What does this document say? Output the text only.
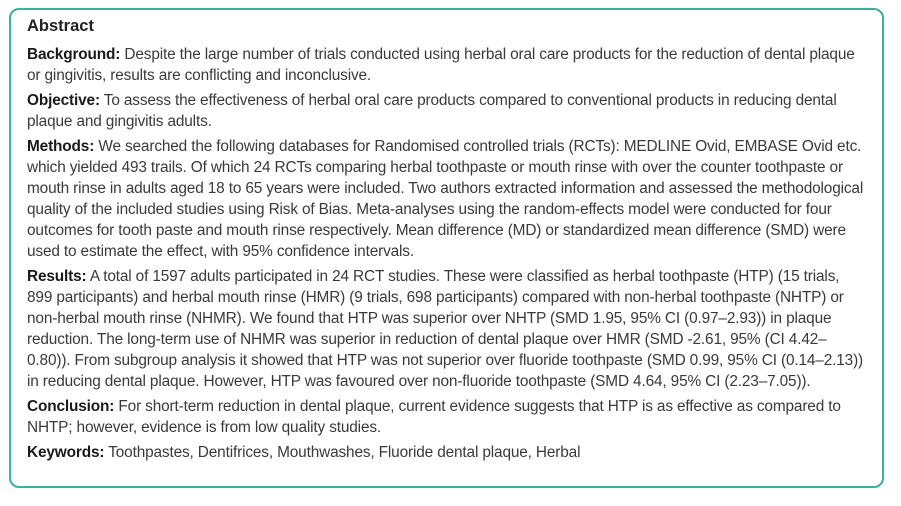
Abstract

Background: Despite the large number of trials conducted using herbal oral care products for the reduction of dental plaque or gingivitis, results are conflicting and inconclusive.

Objective: To assess the effectiveness of herbal oral care products compared to conventional products in reducing dental plaque and gingivitis adults.

Methods: We searched the following databases for Randomised controlled trials (RCTs): MEDLINE Ovid, EMBASE Ovid etc. which yielded 493 trails. Of which 24 RCTs comparing herbal toothpaste or mouth rinse with over the counter toothpaste or mouth rinse in adults aged 18 to 65 years were included. Two authors extracted information and assessed the methodological quality of the included studies using Risk of Bias. Meta-analyses using the random-effects model were conducted for four outcomes for tooth paste and mouth rinse respectively. Mean difference (MD) or standardized mean difference (SMD) were used to estimate the effect, with 95% confidence intervals.

Results: A total of 1597 adults participated in 24 RCT studies. These were classified as herbal toothpaste (HTP) (15 trials, 899 participants) and herbal mouth rinse (HMR) (9 trials, 698 participants) compared with non-herbal toothpaste (NHTP) or non-herbal mouth rinse (NHMR). We found that HTP was superior over NHTP (SMD 1.95, 95% CI (0.97–2.93)) in plaque reduction. The long-term use of NHMR was superior in reduction of dental plaque over HMR (SMD -2.61, 95% (CI 4.42–0.80)). From subgroup analysis it showed that HTP was not superior over fluoride toothpaste (SMD 0.99, 95% CI (0.14–2.13)) in reducing dental plaque. However, HTP was favoured over non-fluoride toothpaste (SMD 4.64, 95% CI (2.23–7.05)).

Conclusion: For short-term reduction in dental plaque, current evidence suggests that HTP is as effective as compared to NHTP; however, evidence is from low quality studies.

Keywords: Toothpastes, Dentifrices, Mouthwashes, Fluoride dental plaque, Herbal
